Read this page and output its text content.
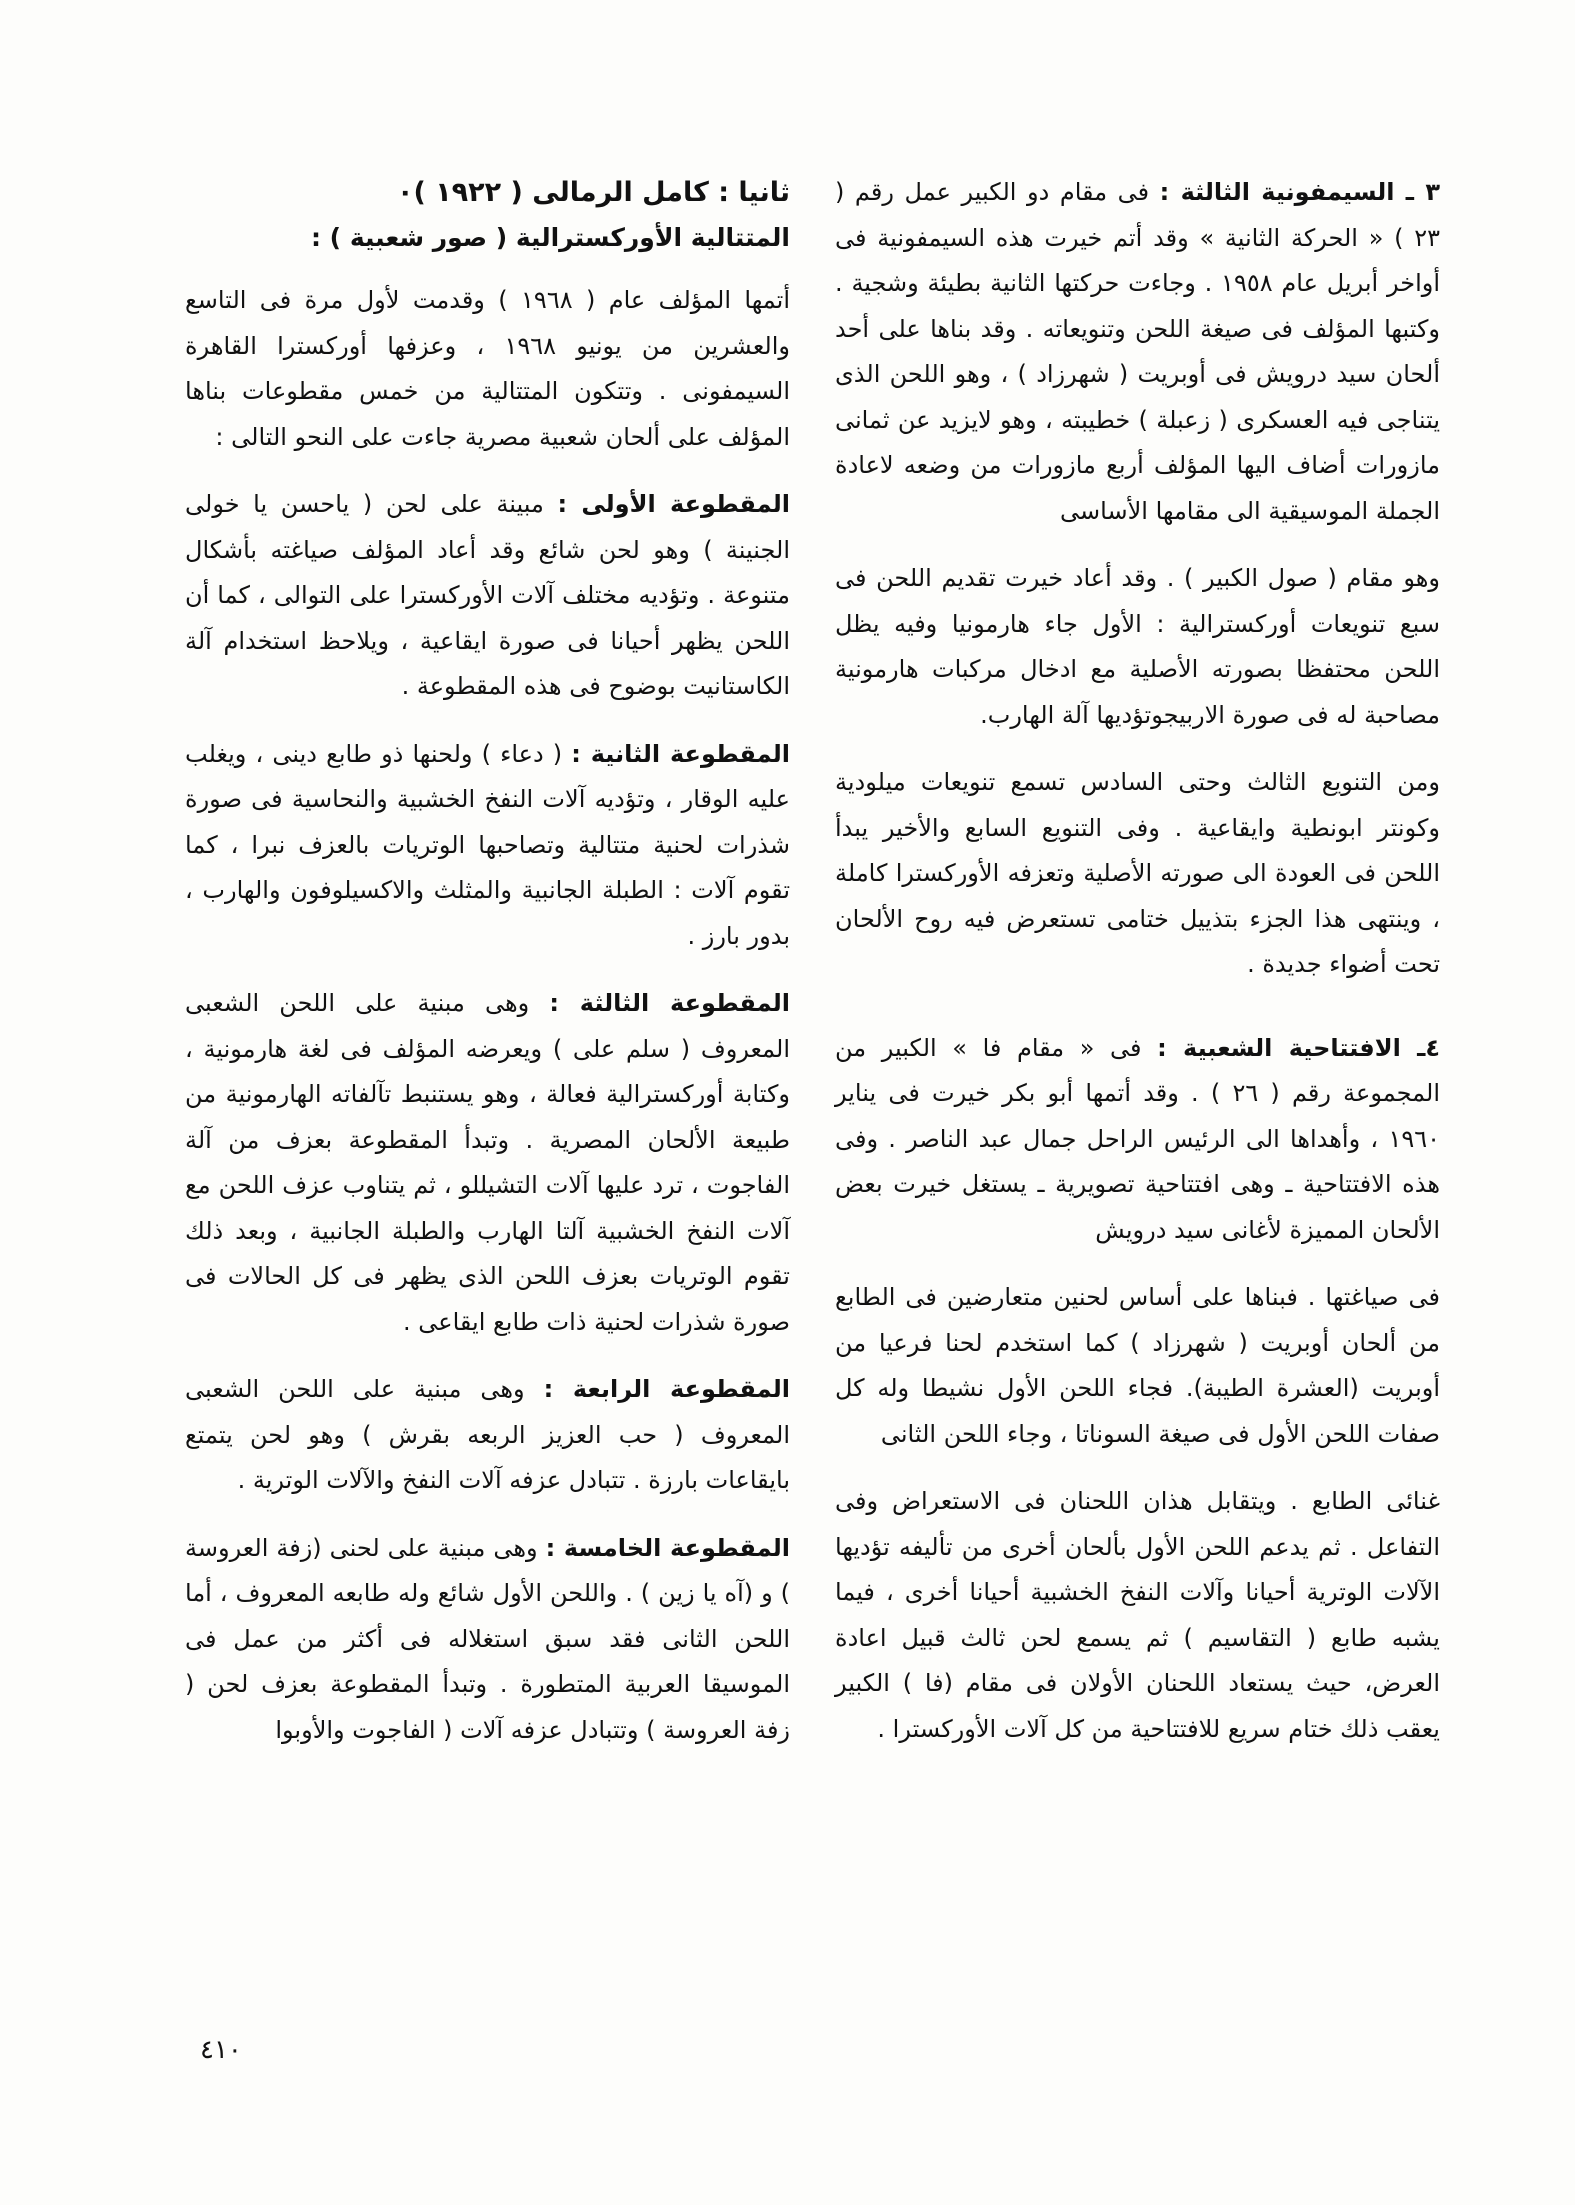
٣ ـ السيمفونية الثالثة : فى مقام دو الكبير عمل رقم ( ٢٣ ) « الحركة الثانية » وقد أتم خيرت هذه السيمفونية فى أواخر أبريل عام ١٩٥٨ . وجاءت حركتها الثانية بطيئة وشجية . وكتبها المؤلف فى صيغة اللحن وتنويعاته . وقد بناها على أحد ألحان سيد درويش فى أوبريت ( شهرزاد ) ، وهو اللحن الذى يتناجى فيه العسكرى ( زعبلة ) خطيبته ، وهو لايزيد عن ثمانى مازورات أضاف اليها المؤلف أربع مازورات من وضعه لاعادة الجملة الموسيقية الى مقامها الأساسى

وهو مقام ( صول الكبير ) . وقد أعاد خيرت تقديم اللحن فى سبع تنويعات أوركسترالية : الأول جاء هارمونيا وفيه يظل اللحن محتفظا بصورته الأصلية مع ادخال مركبات هارمونية مصاحبة له فى صورة الاربيجوتؤديها آلة الهارب.

ومن التنويع الثالث وحتى السادس تسمع تنويعات ميلودية وكونتر ابونطية وايقاعية . وفى التنويع السابع والأخير يبدأ اللحن فى العودة الى صورته الأصلية وتعزفه الأوركسترا كاملة ، وينتهى هذا الجزء بتذييل ختامى تستعرض فيه روح الألحان تحت أضواء جديدة .

٤ـ الافتتاحية الشعبية : فى « مقام فا » الكبير من المجموعة رقم ( ٢٦ ) . وقد أتمها أبو بكر خيرت فى يناير ١٩٦٠ ، وأهداها الى الرئيس الراحل جمال عبد الناصر . وفى هذه الافتتاحية ـ وهى افتتاحية تصويرية ـ يستغل خيرت بعض الألحان المميزة لأغانى سيد درويش

فى صياغتها . فبناها على أساس لحنين متعارضين فى الطابع من ألحان أوبريت ( شهرزاد ) كما استخدم لحنا فرعيا من أوبريت (العشرة الطيبة). فجاء اللحن الأول نشيطا وله كل صفات اللحن الأول فى صيغة السوناتا ، وجاء اللحن الثانى

غنائى الطابع . ويتقابل هذان اللحنان فى الاستعراض وفى التفاعل . ثم يدعم اللحن الأول بألحان أخرى من تأليفه تؤديها الآلات الوترية أحيانا وآلات النفخ الخشبية أحيانا أخرى ، فيما يشبه طابع ( التقاسيم ) ثم يسمع لحن ثالث قبيل اعادة العرض، حيث يستعاد اللحنان الأولان فى مقام (فا ) الكبير يعقب ذلك ختام سريع للافتتاحية من كل آلات الأوركسترا .

ثانيا : كامل الرمالى ( ١٩٢٢ )٠

المتتالية الأوركسترالية ( صور شعبية ) :

أتمها المؤلف عام ( ١٩٦٨ ) وقدمت لأول مرة فى التاسع والعشرين من يونيو ١٩٦٨ ، وعزفها أوركسترا القاهرة السيمفونى . وتتكون المتتالية من خمس مقطوعات بناها المؤلف على ألحان شعبية مصرية جاءت على النحو التالى :

المقطوعة الأولى : مبينة على لحن ( ياحسن يا خولى الجنينة ) وهو لحن شائع وقد أعاد المؤلف صياغته بأشكال متنوعة . وتؤديه مختلف آلات الأوركسترا على التوالى ، كما أن اللحن يظهر أحيانا فى صورة ايقاعية ، ويلاحظ استخدام آلة الكاستانيت بوضوح فى هذه المقطوعة .

المقطوعة الثانية : ( دعاء ) ولحنها ذو طابع دينى ، ويغلب عليه الوقار ، وتؤديه آلات النفخ الخشبية والنحاسية فى صورة شذرات لحنية متتالية وتصاحبها الوتريات بالعزف نبرا ، كما تقوم آلات : الطبلة الجانبية والمثلث والاكسيلوفون والهارب ، بدور بارز .

المقطوعة الثالثة : وهى مبنية على اللحن الشعبى المعروف ( سلم على ) ويعرضه المؤلف فى لغة هارمونية ، وكتابة أوركسترالية فعالة ، وهو يستنبط تآلفاته الهارمونية من طبيعة الألحان المصرية . وتبدأ المقطوعة بعزف من آلة الفاجوت ، ترد عليها آلات التشيللو ، ثم يتناوب عزف اللحن مع آلات النفخ الخشبية آلتا الهارب والطبلة الجانبية ، وبعد ذلك تقوم الوتريات بعزف اللحن الذى يظهر فى كل الحالات فى صورة شذرات لحنية ذات طابع ايقاعى .

المقطوعة الرابعة : وهى مبنية على اللحن الشعبى المعروف ( حب العزيز الربعه بقرش ) وهو لحن يتمتع بايقاعات بارزة . تتبادل عزفه آلات النفخ والآلات الوترية .

المقطوعة الخامسة : وهى مبنية على لحنى (زفة العروسة ) و (آه يا زين ) . واللحن الأول شائع وله طابعه المعروف ، أما اللحن الثانى فقد سبق استغلاله فى أكثر من عمل فى الموسيقا العربية المتطورة . وتبدأ المقطوعة بعزف لحن ( زفة العروسة ) وتتبادل عزفه آلات ( الفاجوت والأوبوا

٤١٠
